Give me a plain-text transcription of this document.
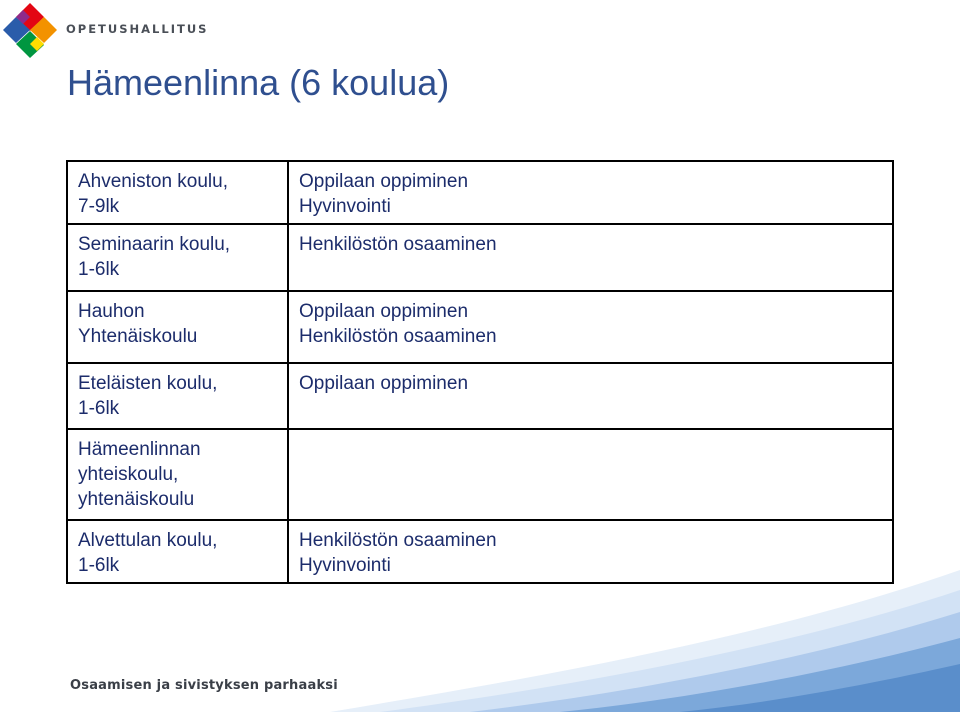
OPETUSHALLITUS
Hämeenlinna (6 koulua)
Ahveniston koulu,
7-9lk	Oppilaan oppiminen
Hyvinvointi

Seminaarin koulu,
1-6lk	Henkilöstön osaaminen

Hauhon
Yhtenäiskoulu	Oppilaan oppiminen
Henkilöstön osaaminen

Eteläisten koulu,
1-6lk	Oppilaan oppiminen

Hämeenlinnan
yhteiskoulu,
yhtenäiskoulu	

Alvettulan koulu,
1-6lk	Henkilöstön osaaminen
Hyvinvointi
Osaamisen ja sivistyksen parhaaksi
